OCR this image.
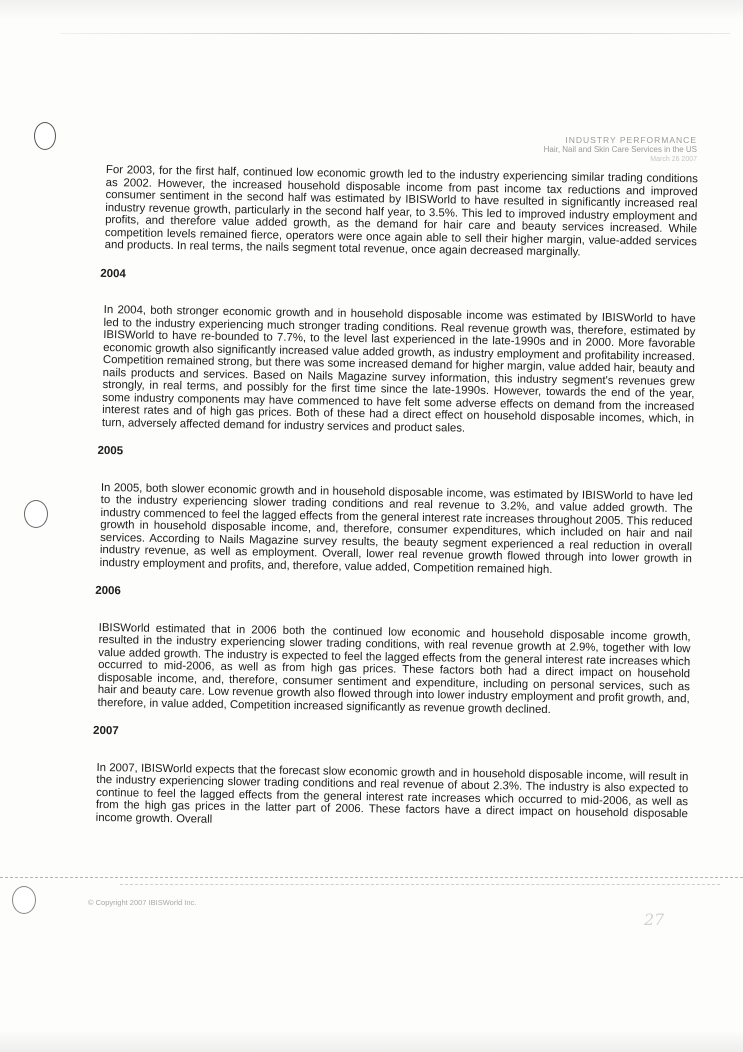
INDUSTRY PERFORMANCE
Hair, Nail and Skin Care Services in the US
March 26 2007

For 2003, for the first half, continued low economic growth led to the industry experiencing similar trading conditions as 2002. However, the increased household disposable income from past income tax reductions and improved consumer sentiment in the second half was estimated by IBISWorld to have resulted in significantly increased real industry revenue growth, particularly in the second half year, to 3.5%. This led to improved industry employment and profits, and therefore value added growth, as the demand for hair care and beauty services increased. While competition levels remained fierce, operators were once again able to sell their higher margin, value-added services and products. In real terms, the nails segment total revenue, once again decreased marginally.

2004

In 2004, both stronger economic growth and in household disposable income was estimated by IBISWorld to have led to the industry experiencing much stronger trading conditions. Real revenue growth was, therefore, estimated by IBISWorld to have re-bounded to 7.7%, to the level last experienced in the late-1990s and in 2000. More favorable economic growth also significantly increased value added growth, as industry employment and profitability increased. Competition remained strong, but there was some increased demand for higher margin, value added hair, beauty and nails products and services. Based on Nails Magazine survey information, this industry segment's revenues grew strongly, in real terms, and possibly for the first time since the late-1990s. However, towards the end of the year, some industry components may have commenced to have felt some adverse effects on demand from the increased interest rates and of high gas prices. Both of these had a direct effect on household disposable incomes, which, in turn, adversely affected demand for industry services and product sales.

2005

In 2005, both slower economic growth and in household disposable income, was estimated by IBISWorld to have led to the industry experiencing slower trading conditions and real revenue to 3.2%, and value added growth. The industry commenced to feel the lagged effects from the general interest rate increases throughout 2005. This reduced growth in household disposable income, and, therefore, consumer expenditures, which included on hair and nail services. According to Nails Magazine survey results, the beauty segment experienced a real reduction in overall industry revenue, as well as employment. Overall, lower real revenue growth flowed through into lower growth in industry employment and profits, and, therefore, value added, Competition remained high.

2006

IBISWorld estimated that in 2006 both the continued low economic and household disposable income growth, resulted in the industry experiencing slower trading conditions, with real revenue growth at 2.9%, together with low value added growth. The industry is expected to feel the lagged effects from the general interest rate increases which occurred to mid-2006, as well as from high gas prices. These factors both had a direct impact on household disposable income, and, therefore, consumer sentiment and expenditure, including on personal services, such as hair and beauty care. Low revenue growth also flowed through into lower industry employment and profit growth, and, therefore, in value added, Competition increased significantly as revenue growth declined.

2007

In 2007, IBISWorld expects that the forecast slow economic growth and in household disposable income, will result in the industry experiencing slower trading conditions and real revenue of about 2.3%. The industry is also expected to continue to feel the lagged effects from the general interest rate increases which occurred to mid-2006, as well as from the high gas prices in the latter part of 2006. These factors have a direct impact on household disposable income growth. Overall

© Copyright 2007 IBISWorld Inc.
27
